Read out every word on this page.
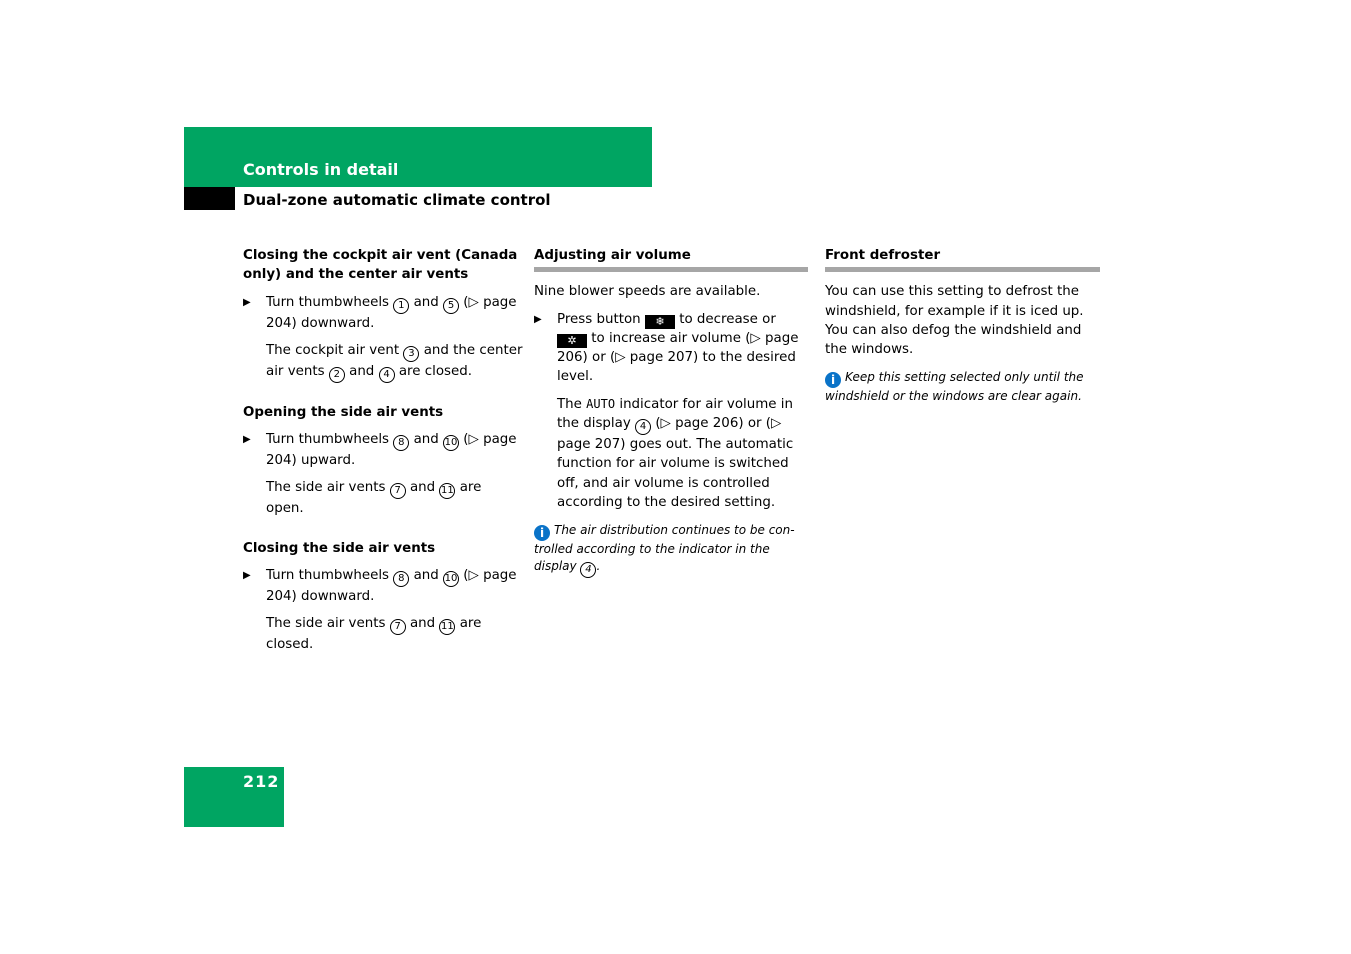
Controls in detail
Dual-zone automatic climate control

Closing the cockpit air vent (Canada only) and the center air vents

▶ Turn thumbwheels 1 and 5 (▷ page 204) downward.

The cockpit air vent 3 and the center air vents 2 and 4 are closed.

Opening the side air vents

▶ Turn thumbwheels 8 and 10 (▷ page 204) upward.

The side air vents 7 and 11 are open.

Closing the side air vents

▶ Turn thumbwheels 8 and 10 (▷ page 204) downward.

The side air vents 7 and 11 are closed.

Adjusting air volume

Nine blower speeds are available.

▶ Press button ❄ to decrease or ✲ to increase air volume (▷ page 206) or (▷ page 207) to the desired level.

The AUTO indicator for air volume in the display 4 (▷ page 206) or (▷ page 207) goes out. The automatic function for air volume is switched off, and air volume is controlled according to the desired setting.

i The air distribution continues to be con-trolled according to the indicator in the display 4 .

Front defroster

You can use this setting to defrost the windshield, for example if it is iced up. You can also defog the windshield and the windows.

i Keep this setting selected only until the windshield or the windows are clear again.

212
